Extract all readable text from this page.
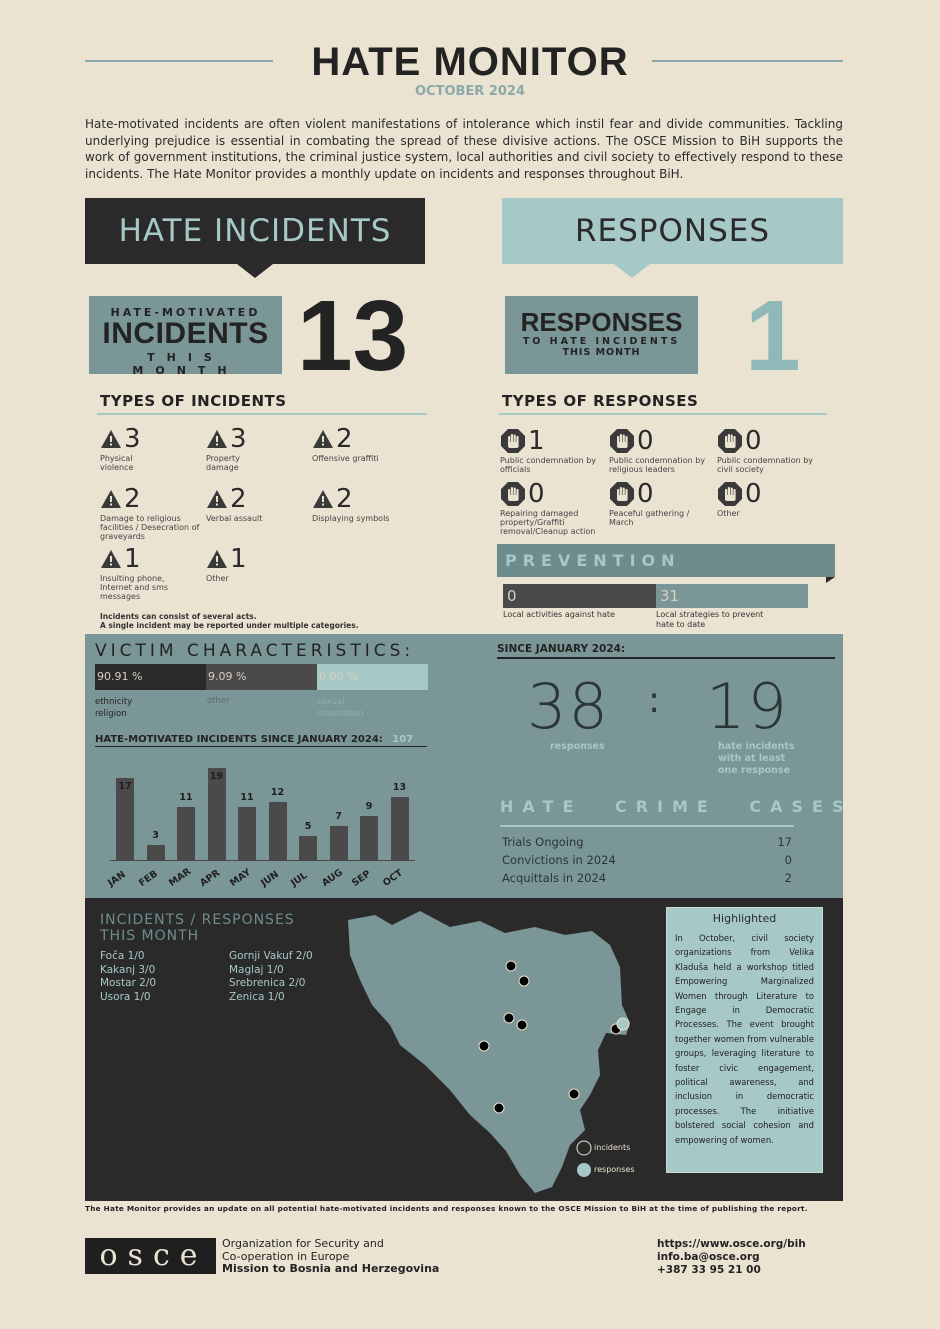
HATE MONITOR
OCTOBER 2024
Hate-motivated incidents are often violent manifestations of intolerance which instil fear and divide communities. Tackling underlying prejudice is essential in combating the spread of these divisive actions. The OSCE Mission to BiH supports the work of government institutions, the criminal justice system, local authorities and civil society to effectively respond to these incidents. The Hate Monitor provides a monthly update on incidents and responses throughout BiH.
HATE INCIDENTS	RESPONSES
HATE-MOTIVATED
INCIDENTS
THIS MONTH 13	RESPONSES
TO HATE INCIDENTS
THIS MONTH	1
TYPES OF INCIDENTS
3
Physical violence
3
Property damage
2
Offensive graffiti
2
Damage to religious facilities / Desecration of graveyards
2
Verbal assault
2
Displaying symbols
1
Insulting phone, Internet and sms messages
1
Other
Incidents can consist of several acts.
A single incident may be reported under multiple categories.
TYPES OF RESPONSES
1
Public condemnation by officials
0
Public condemnation by religious leaders
0
Public condemnation by civil society
0
Repairing damaged property/Graffiti removal/Cleanup action
0
Peaceful gathering / March
0
Other
PREVENTION
0	31
Local activities against hate	Local strategies to prevent hate to date
VICTIM CHARACTERISTICS:
90.91 %	9.09 %	0.00 %
ethnicity religion
other	sexual orientation
HATE-MOTIVATED INCIDENTS SINCE JANUARY 2024: 107
17
JAN
3
FEB
11
MAR
19
APR
11
MAY
12
JUN
5
JUL
7
AUG
9
SEP
13
OCT
SINCE JANUARY 2024:
38 : 19
responses	hate incidents with at least one response
HATE CRIME CASES
Trials Ongoing	17
Convictions in 2024	0
Acquittals in 2024	2
INCIDENTS / RESPONSES
THIS MONTH
Foča 1/0
Kakanj 3/0
Mostar 2/0
Usora 1/0
Gornji Vakuf 2/0
Maglaj 1/0
Srebrenica 2/0
Zenica 1/0
incidents
responses
Highlighted
In October, civil society organizations from Velika Kladuša held a workshop titled Empowering Marginalized Women through Literature to Engage in Democratic Processes. The event brought together women from vulnerable groups, leveraging literature to foster civic engagement, political awareness, and inclusion in democratic processes. The initiative bolstered social cohesion and empowering of women.
The Hate Monitor provides an update on all potential hate-motivated incidents and responses known to the OSCE Mission to BiH at the time of publishing the report.
osce Organization for Security and
Co-operation in Europe
Mission to Bosnia and Herzegovina
https://www.osce.org/bih
info.ba@osce.org
+387 33 95 21 00
